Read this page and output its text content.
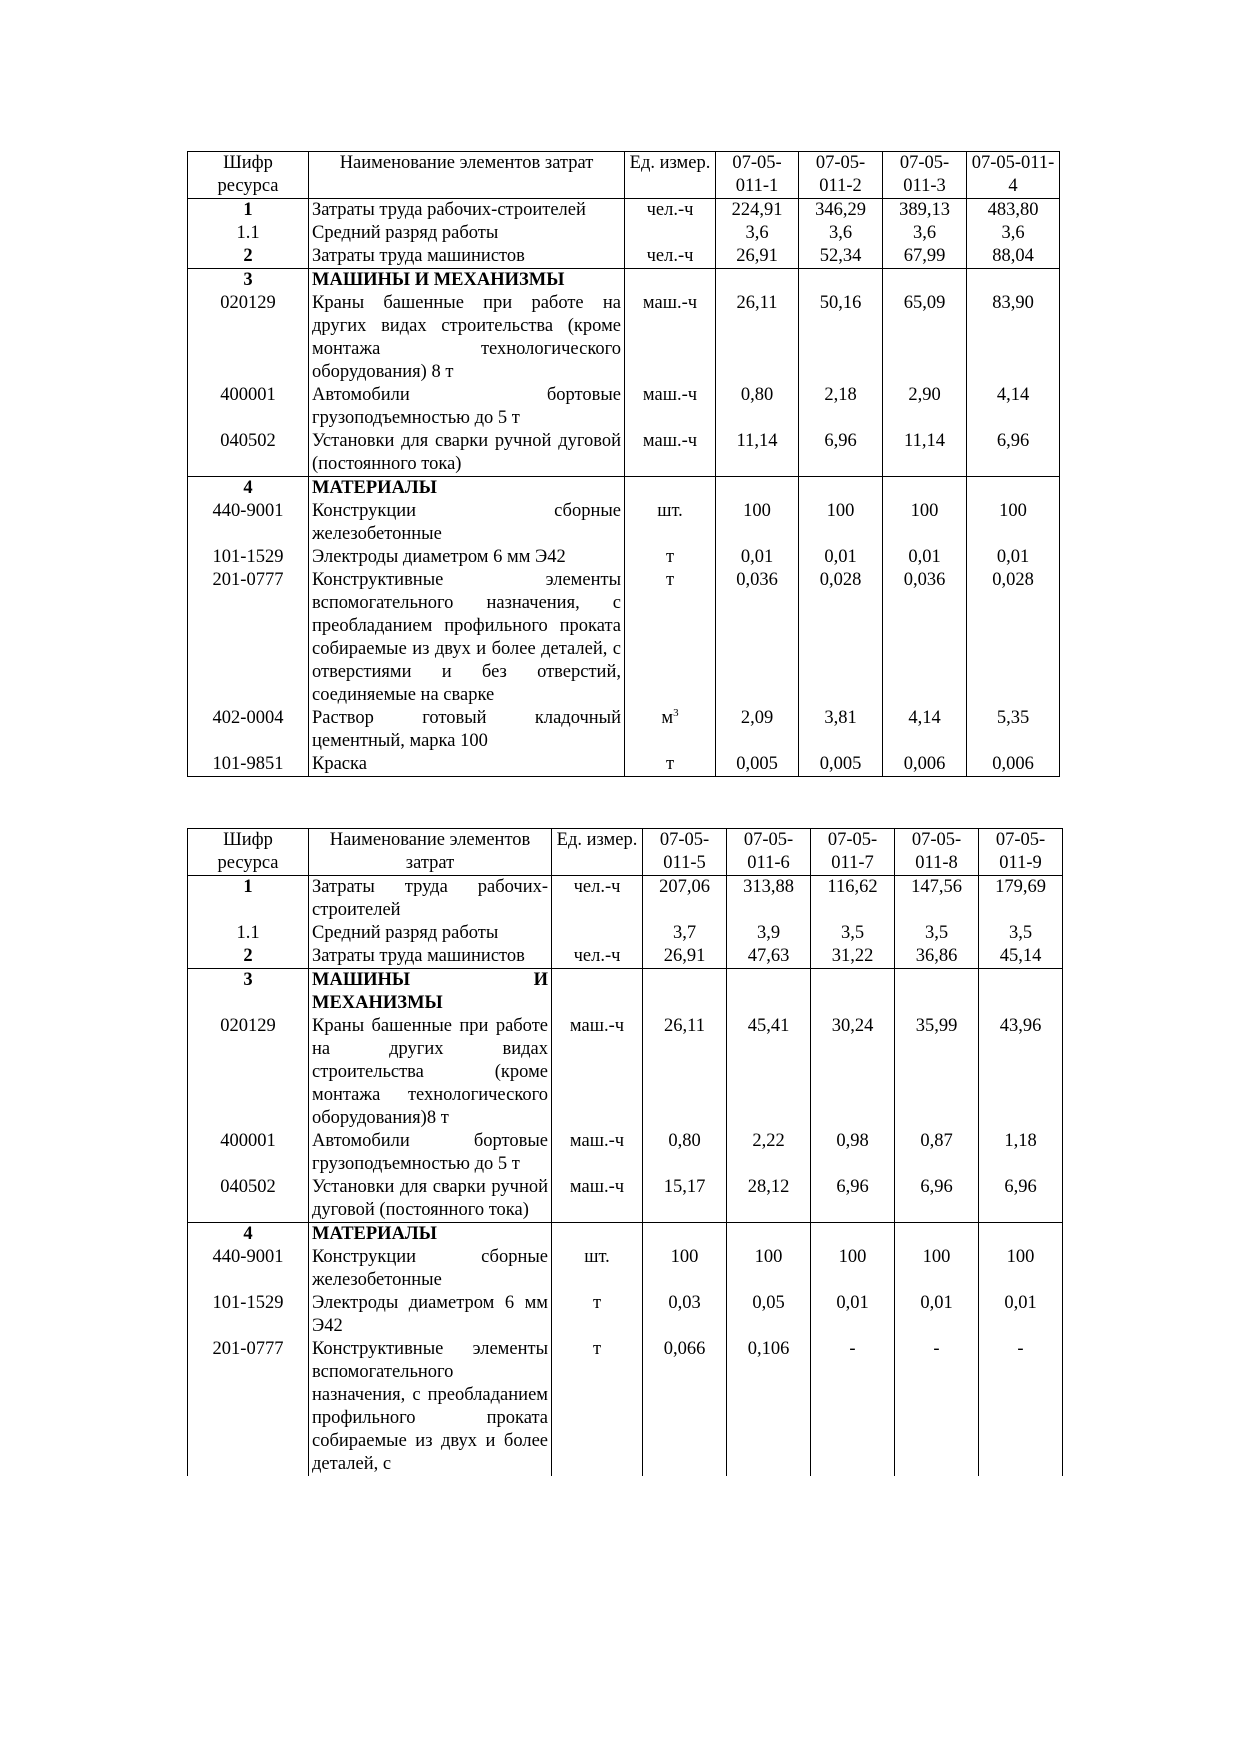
Шифр ресурса	Наименование элементов затрат	Ед. измер.	07-05-011-1	07-05-011-2	07-05-011-3	07-05-011-4
1	Затраты труда рабочих-строителей	чел.-ч	224,91	346,29	389,13	483,80
1.1	Средний разряд работы		3,6	3,6	3,6	3,6
2	Затраты труда машинистов	чел.-ч	26,91	52,34	67,99	88,04
3	МАШИНЫ И МЕХАНИЗМЫ					
020129	Краны башенные при работе на других видах строительства (кроме монтажа технологического оборудования) 8 т	маш.-ч	26,11	50,16	65,09	83,90
400001	Автомобили бортовые грузоподъемностью до 5 т	маш.-ч	0,80	2,18	2,90	4,14
040502	Установки для сварки ручной дуговой (постоянного тока)	маш.-ч	11,14	6,96	11,14	6,96
4	МАТЕРИАЛЫ					
440-9001	Конструкции сборные железобетонные	шт.	100	100	100	100
101-1529	Электроды диаметром 6 мм Э42	т	0,01	0,01	0,01	0,01
201-0777	Конструктивные элементы вспомогательного назначения, с преобладанием профильного проката собираемые из двух и более деталей, с отверстиями и без отверстий, соединяемые на сварке	т	0,036	0,028	0,036	0,028
402-0004	Раствор готовый кладочный цементный, марка 100	$м^3$	2,09	3,81	4,14	5,35
101-9851	Краска	т	0,005	0,005	0,006	0,006
Шифр ресурса	Наименование элементов затрат	Ед. измер.	07-05-011-5	07-05-011-6	07-05-011-7	07-05-011-8	07-05-011-9
1	Затраты труда рабочих-строителей	чел.-ч	207,06	313,88	116,62	147,56	179,69
1.1	Средний разряд работы		3,7	3,9	3,5	3,5	3,5
2	Затраты труда машинистов	чел.-ч	26,91	47,63	31,22	36,86	45,14
3	МАШИНЫ И МЕХАНИЗМЫ						
020129	Краны башенные при работе на других видах строительства (кроме монтажа технологического оборудования)8 т	маш.-ч	26,11	45,41	30,24	35,99	43,96
400001	Автомобили бортовые грузоподъемностью до 5 т	маш.-ч	0,80	2,22	0,98	0,87	1,18
040502	Установки для сварки ручной дуговой (постоянного тока)	маш.-ч	15,17	28,12	6,96	6,96	6,96
4	МАТЕРИАЛЫ						
440-9001	Конструкции сборные железобетонные	шт.	100	100	100	100	100
101-1529	Электроды диаметром 6 мм Э42	т	0,03	0,05	0,01	0,01	0,01
201-0777	Конструктивные элементы вспомогательного назначения, с преобладанием профильного проката собираемые из двух и более деталей, с	т	0,066	0,106	-	-	-
